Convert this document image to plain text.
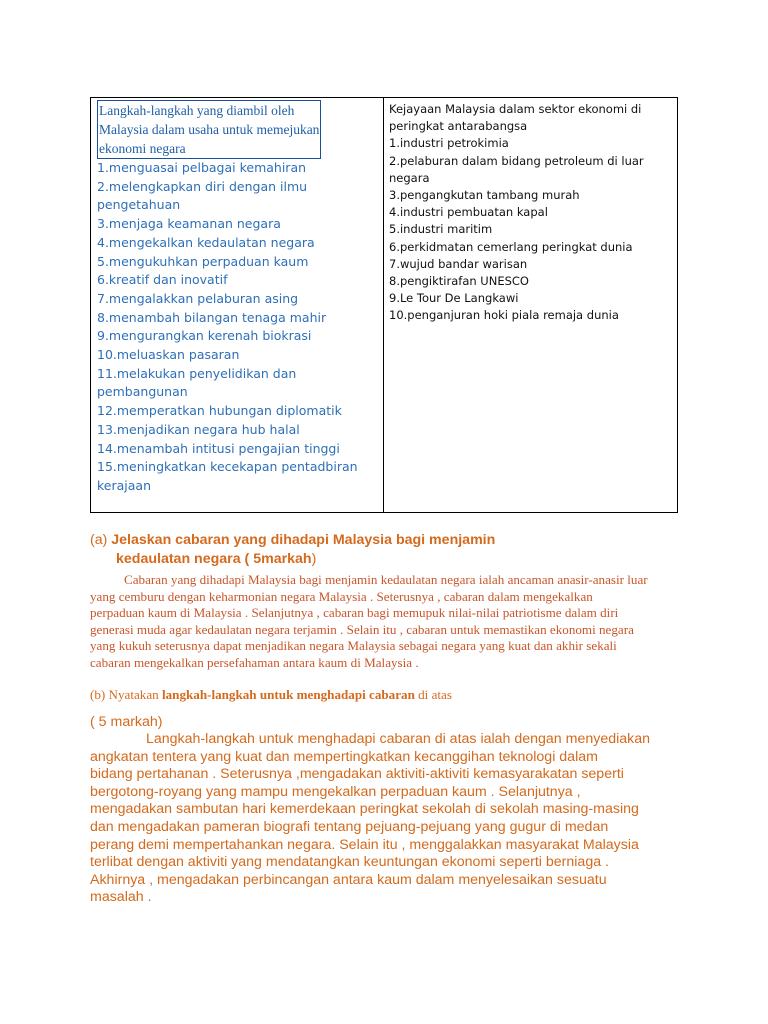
Langkah-langkah yang diambil oleh
Malaysia dalam usaha untuk memejukan
ekonomi negara
1.menguasai pelbagai kemahiran
2.melengkapkan diri dengan ilmu
pengetahuan
3.menjaga keamanan negara
4.mengekalkan kedaulatan negara
5.mengukuhkan perpaduan kaum
6.kreatif dan inovatif
7.mengalakkan pelaburan asing
8.menambah bilangan tenaga mahir
9.mengurangkan kerenah biokrasi
10.meluaskan pasaran
11.melakukan penyelidikan dan
pembangunan
12.memperatkan hubungan diplomatik
13.menjadikan negara hub halal
14.menambah intitusi pengajian tinggi
15.meningkatkan kecekapan pentadbiran
kerajaan
Kejayaan Malaysia dalam sektor ekonomi di
peringkat antarabangsa
1.industri petrokimia
2.pelaburan dalam bidang petroleum di luar
negara
3.pengangkutan tambang murah
4.industri pembuatan kapal
5.industri maritim
6.perkidmatan cemerlang peringkat dunia
7.wujud bandar warisan
8.pengiktirafan UNESCO
9.Le Tour De Langkawi
10.penganjuran hoki piala remaja dunia
(a) Jelaskan cabaran yang dihadapi Malaysia bagi menjamin
kedaulatan negara ( 5markah)
Cabaran yang dihadapi Malaysia bagi menjamin kedaulatan negara ialah ancaman anasir-anasir luar
yang cemburu dengan keharmonian negara Malaysia . Seterusnya , cabaran dalam mengekalkan
perpaduan kaum di Malaysia . Selanjutnya , cabaran bagi memupuk nilai-nilai patriotisme dalam diri
generasi muda agar kedaulatan negara terjamin . Selain itu , cabaran untuk memastikan ekonomi negara
yang kukuh seterusnya dapat menjadikan negara Malaysia sebagai negara yang kuat dan akhir sekali
cabaran mengekalkan persefahaman antara kaum di Malaysia .
(b) Nyatakan langkah-langkah untuk menghadapi cabaran di atas
( 5 markah)
Langkah-langkah untuk menghadapi cabaran di atas ialah dengan menyediakan
angkatan tentera yang kuat dan mempertingkatkan kecanggihan teknologi dalam
bidang pertahanan . Seterusnya ,mengadakan aktiviti-aktiviti kemasyarakatan seperti
bergotong-royang yang mampu mengekalkan perpaduan kaum . Selanjutnya ,
mengadakan sambutan hari kemerdekaan peringkat sekolah di sekolah masing-masing
dan mengadakan pameran biografi tentang pejuang-pejuang yang gugur di medan
perang demi mempertahankan negara. Selain itu , menggalakkan masyarakat Malaysia
terlibat dengan aktiviti yang mendatangkan keuntungan ekonomi seperti berniaga .
Akhirnya , mengadakan perbincangan antara kaum dalam menyelesaikan sesuatu
masalah .
